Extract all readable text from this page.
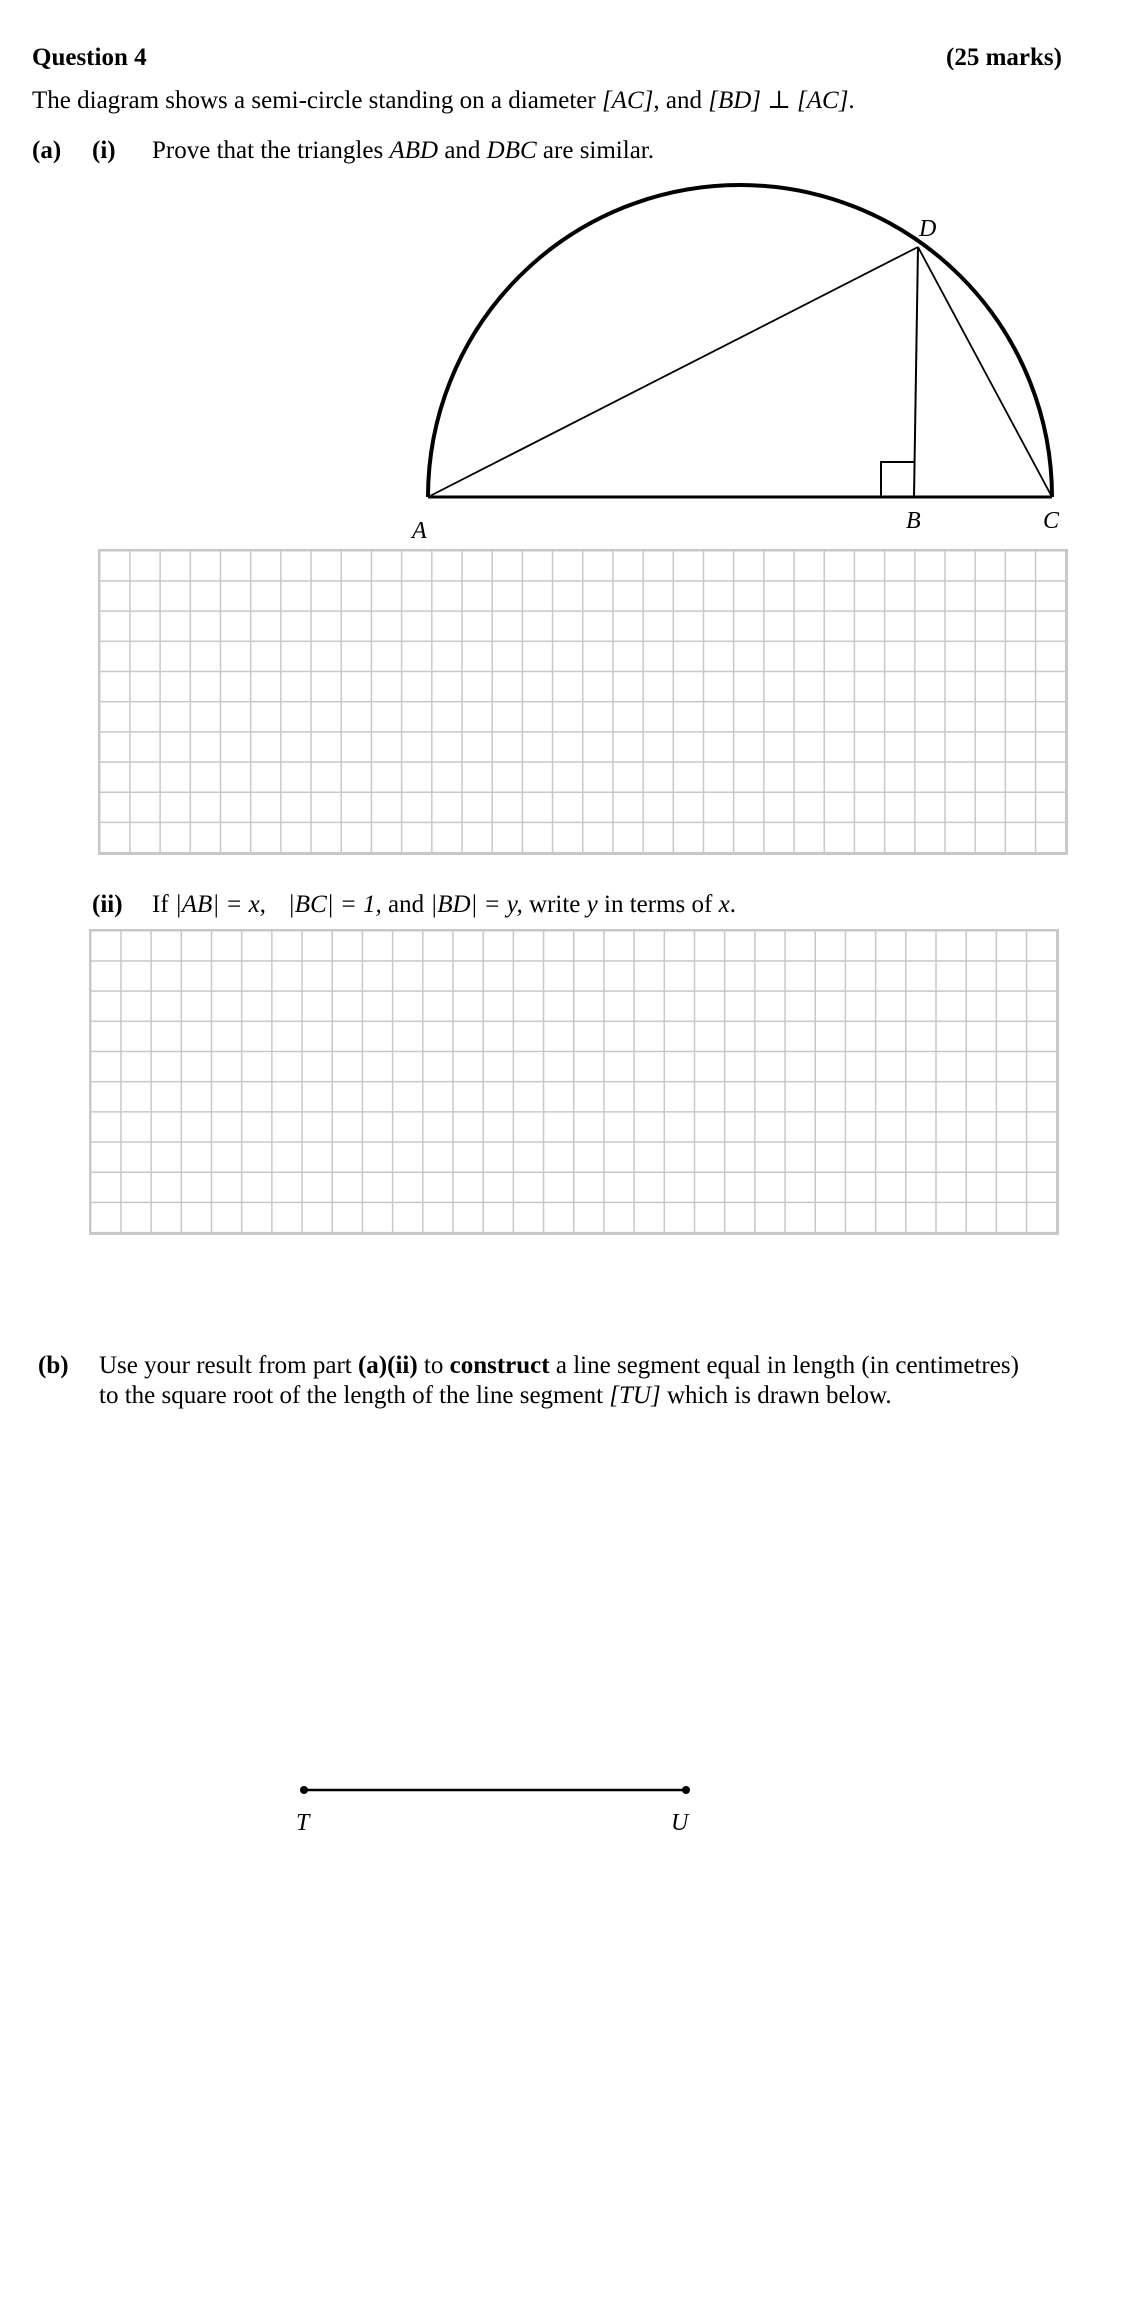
Question 4	(25 marks)
The diagram shows a semi-circle standing on a diameter [AC], and [BD] ⊥ [AC].
(a) (i) Prove that the triangles ABD and DBC are similar.
A	B	C
D
(ii) If |AB| = x, |BC| = 1, and |BD| = y, write y in terms of x.
(b) Use your result from part (a)(ii) to construct a line segment equal in length (in centimetres)
to the square root of the length of the line segment [TU] which is drawn below.
T	U
